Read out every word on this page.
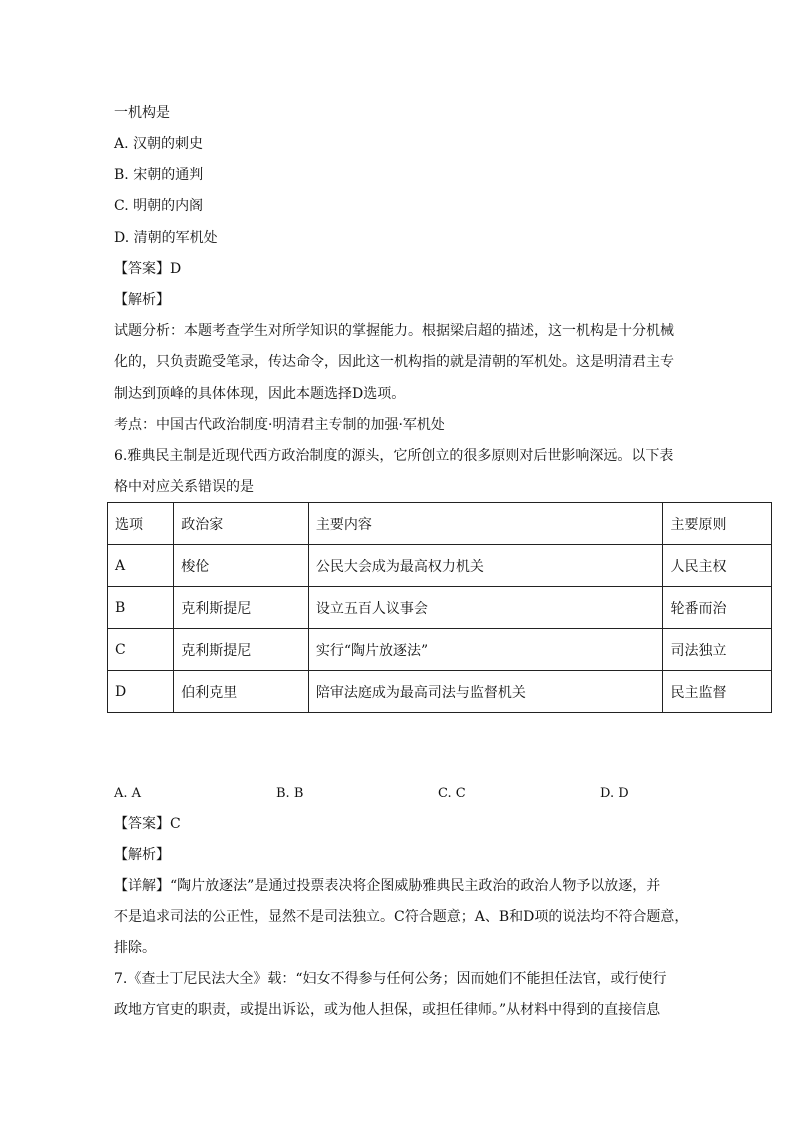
一机构是
A. 汉朝的刺史
B. 宋朝的通判
C. 明朝的内阁
D. 清朝的军机处
【答案】D
【解析】
试题分析：本题考查学生对所学知识的掌握能力。根据梁启超的描述，这一机构是十分机械
化的，只负责跪受笔录，传达命令，因此这一机构指的就是清朝的军机处。这是明清君主专
制达到顶峰的具体体现，因此本题选择D选项。
考点：中国古代政治制度·明清君主专制的加强·军机处
6.雅典民主制是近现代西方政治制度的源头，它所创立的很多原则对后世影响深远。以下表
格中对应关系错误的是
选项	政治家	主要内容	主要原则
A	梭伦	公民大会成为最高权力机关	人民主权
B	克利斯提尼	设立五百人议事会	轮番而治
C	克利斯提尼	实行“陶片放逐法”	司法独立
D	伯利克里	陪审法庭成为最高司法与监督机关	民主监督
A. A	B. B	C. C	D. D
【答案】C
【解析】
【详解】“陶片放逐法”是通过投票表决将企图威胁雅典民主政治的政治人物予以放逐，并
不是追求司法的公正性，显然不是司法独立。C符合题意；A、B和D项的说法均不符合题意，
排除。
7.《查士丁尼民法大全》载：“妇女不得参与任何公务；因而她们不能担任法官，或行使行
政地方官吏的职责，或提出诉讼，或为他人担保，或担任律师。”从材料中得到的直接信息
